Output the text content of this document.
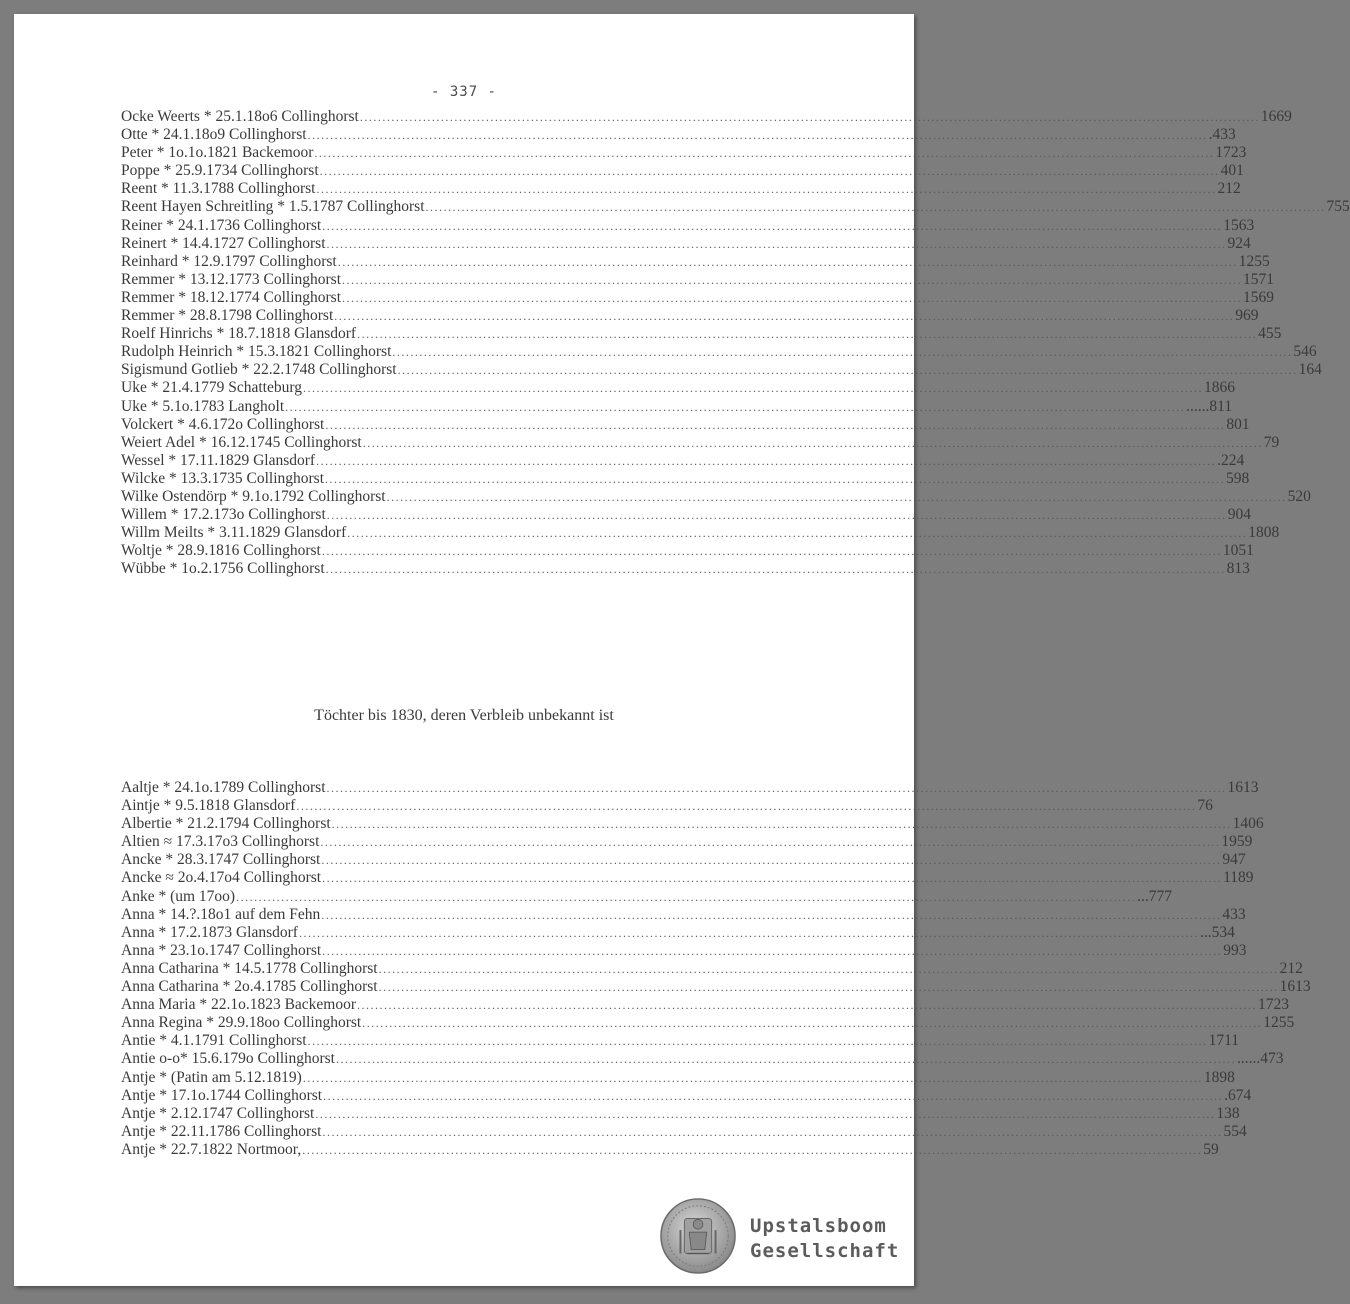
- 337 -
Ocke Weerts * 25.1.18o6 Collinghorst ........................................................................................................................................................................................................ 1669
Otte * 24.1.18o9 Collinghorst ........................................................................................................................................................................................................ .433
Peter * 1o.1o.1821 Backemoor ........................................................................................................................................................................................................ 1723
Poppe * 25.9.1734 Collinghorst ........................................................................................................................................................................................................ 401
Reent * 11.3.1788 Collinghorst ........................................................................................................................................................................................................ 212
Reent Hayen Schreitling * 1.5.1787 Collinghorst ........................................................................................................................................................................................................ 755
Reiner * 24.1.1736 Collinghorst ........................................................................................................................................................................................................ 1563
Reinert * 14.4.1727 Collinghorst ........................................................................................................................................................................................................ 924
Reinhard * 12.9.1797 Collinghorst ........................................................................................................................................................................................................ 1255
Remmer * 13.12.1773 Collinghorst ........................................................................................................................................................................................................ 1571
Remmer * 18.12.1774 Collinghorst ........................................................................................................................................................................................................ 1569
Remmer * 28.8.1798 Collinghorst ........................................................................................................................................................................................................ 969
Roelf Hinrichs * 18.7.1818 Glansdorf ........................................................................................................................................................................................................ 455
Rudolph Heinrich * 15.3.1821 Collinghorst ........................................................................................................................................................................................................ 546
Sigismund Gotlieb * 22.2.1748 Collinghorst ........................................................................................................................................................................................................ 164
Uke * 21.4.1779 Schatteburg ........................................................................................................................................................................................................ 1866
Uke * 5.1o.1783 Langholt ........................................................................................................................................................................................................ ......811
Volckert * 4.6.172o Collinghorst ........................................................................................................................................................................................................ 801
Weiert Adel * 16.12.1745 Collinghorst ........................................................................................................................................................................................................ 79
Wessel * 17.11.1829 Glansdorf ........................................................................................................................................................................................................ .224
Wilcke * 13.3.1735 Collinghorst ........................................................................................................................................................................................................ 598
Wilke Ostendörp * 9.1o.1792 Collinghorst ........................................................................................................................................................................................................ 520
Willem * 17.2.173o Collinghorst ........................................................................................................................................................................................................ 904
Willm Meilts * 3.11.1829 Glansdorf ........................................................................................................................................................................................................ 1808
Woltje * 28.9.1816 Collinghorst ........................................................................................................................................................................................................ 1051
Wübbe * 1o.2.1756 Collinghorst ........................................................................................................................................................................................................ 813
Töchter bis 1830, deren Verbleib unbekannt ist
Aaltje * 24.1o.1789 Collinghorst ........................................................................................................................................................................................................ 1613
Aintje * 9.5.1818 Glansdorf ........................................................................................................................................................................................................ 76
Albertie * 21.2.1794 Collinghorst ........................................................................................................................................................................................................ 1406
Altien ≈ 17.3.17o3 Collinghorst ........................................................................................................................................................................................................ 1959
Ancke * 28.3.1747 Collinghorst ........................................................................................................................................................................................................ 947
Ancke ≈ 2o.4.17o4 Collinghorst ........................................................................................................................................................................................................ 1189
Anke * (um 17oo) ........................................................................................................................................................................................................ ...777
Anna * 14.?.18o1 auf dem Fehn ........................................................................................................................................................................................................ 433
Anna * 17.2.1873 Glansdorf ........................................................................................................................................................................................................ ...534
Anna * 23.1o.1747 Collinghorst ........................................................................................................................................................................................................ 993
Anna Catharina * 14.5.1778 Collinghorst ........................................................................................................................................................................................................ 212
Anna Catharina * 2o.4.1785 Collinghorst ........................................................................................................................................................................................................ 1613
Anna Maria * 22.1o.1823 Backemoor ........................................................................................................................................................................................................ 1723
Anna Regina * 29.9.18oo Collinghorst ........................................................................................................................................................................................................ 1255
Antie * 4.1.1791 Collinghorst ........................................................................................................................................................................................................ 1711
Antie o-o* 15.6.179o Collinghorst ........................................................................................................................................................................................................ ......473
Antje * (Patin am 5.12.1819) ........................................................................................................................................................................................................ 1898
Antje * 17.1o.1744 Collinghorst ........................................................................................................................................................................................................ .674
Antje * 2.12.1747 Collinghorst ........................................................................................................................................................................................................ 138
Antje * 22.11.1786 Collinghorst ........................................................................................................................................................................................................ 554
Antje * 22.7.1822 Nortmoor, ........................................................................................................................................................................................................ 59
Upstalsboom
Gesellschaft
